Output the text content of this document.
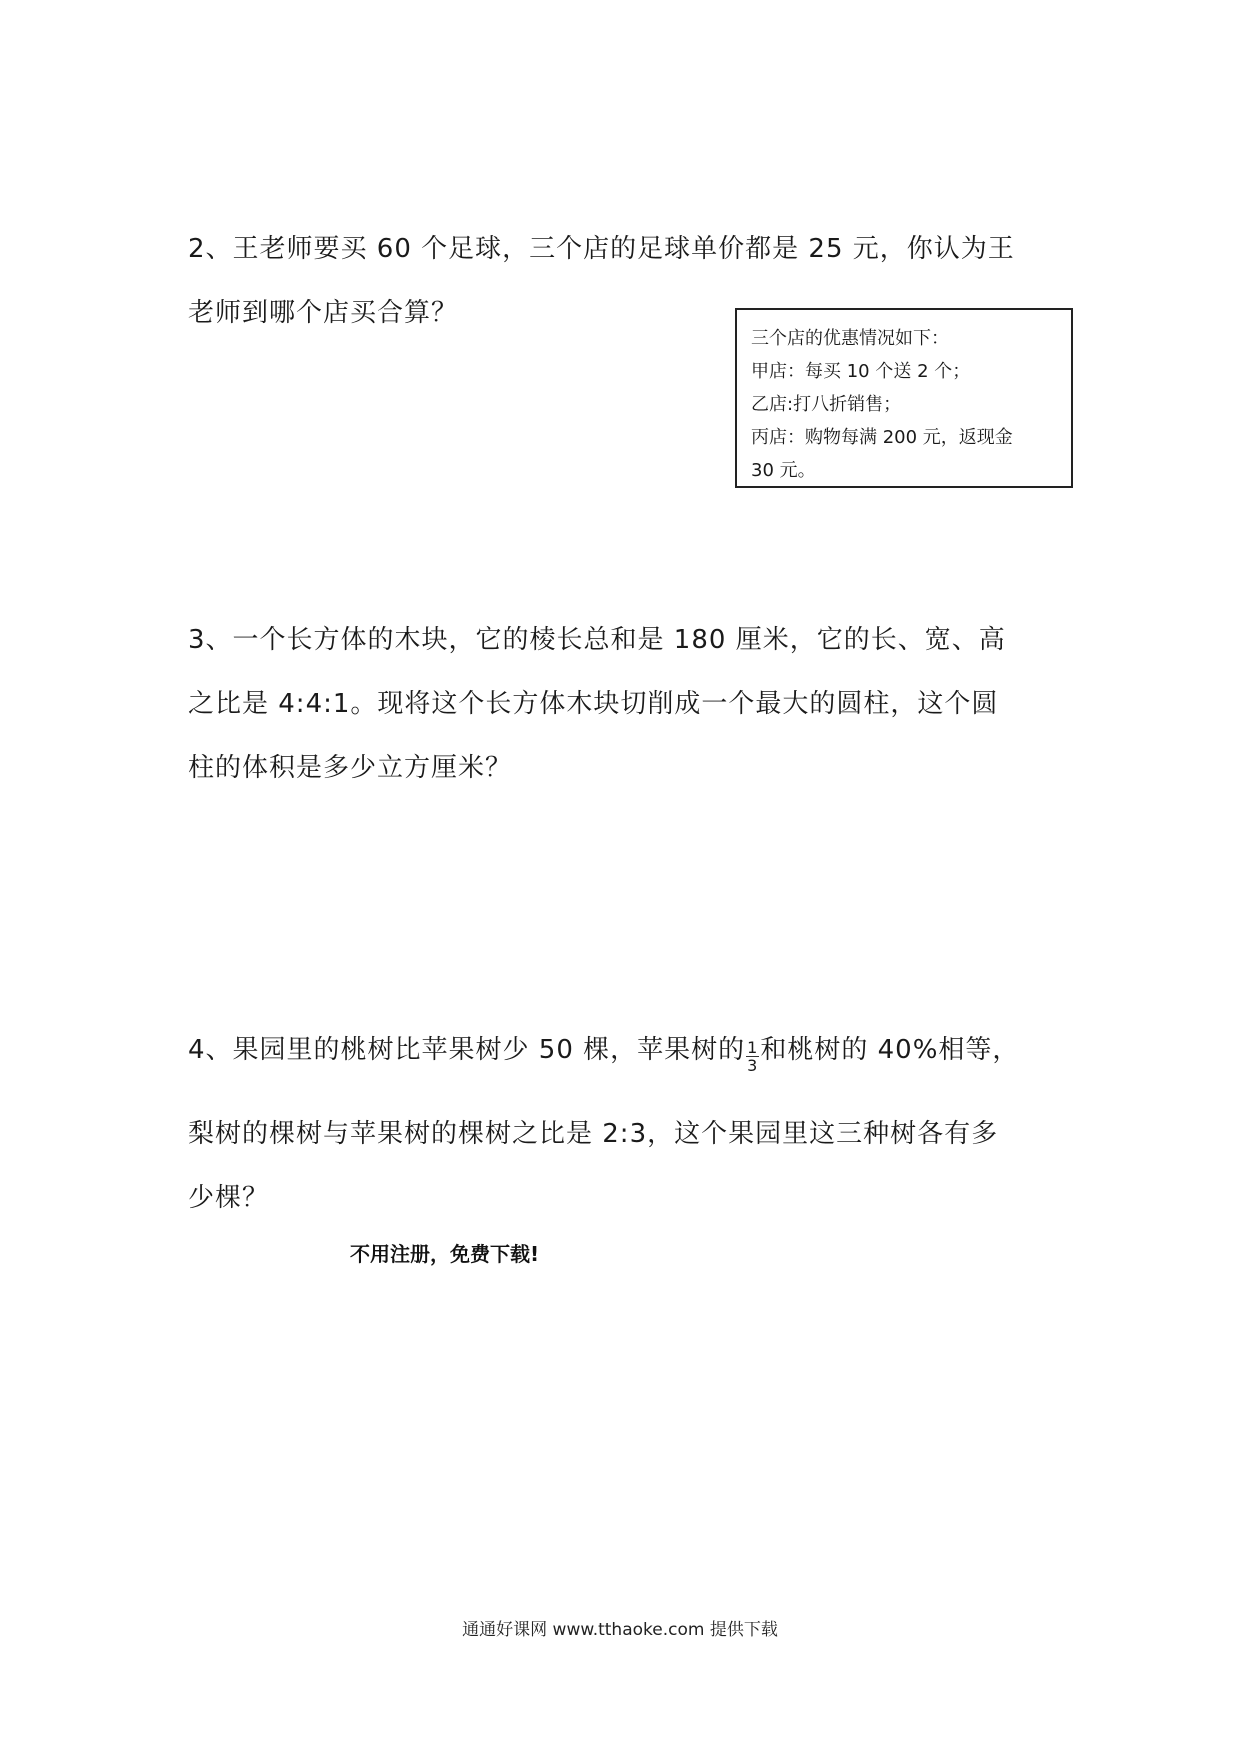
2、王老师要买 60 个足球，三个店的足球单价都是 25 元，你认为王

老师到哪个店买合算？

三个店的优惠情况如下：

甲店：每买 10 个送 2 个；

乙店:打八折销售；

丙店：购物每满 200 元，返现金

30 元。

3、一个长方体的木块，它的棱长总和是 180 厘米，它的长、宽、高

之比是 4:4:1。现将这个长方体木块切削成一个最大的圆柱，这个圆

柱的体积是多少立方厘米？

4、果园里的桃树比苹果树少 50 棵，苹果树的 $\frac{1}{3}$ 和桃树的 40%相等，

梨树的棵树与苹果树的棵树之比是 2:3，这个果园里这三种树各有多

少棵？

不用注册，免费下载!
通通好课网 www.tthaoke.com 提供下载
